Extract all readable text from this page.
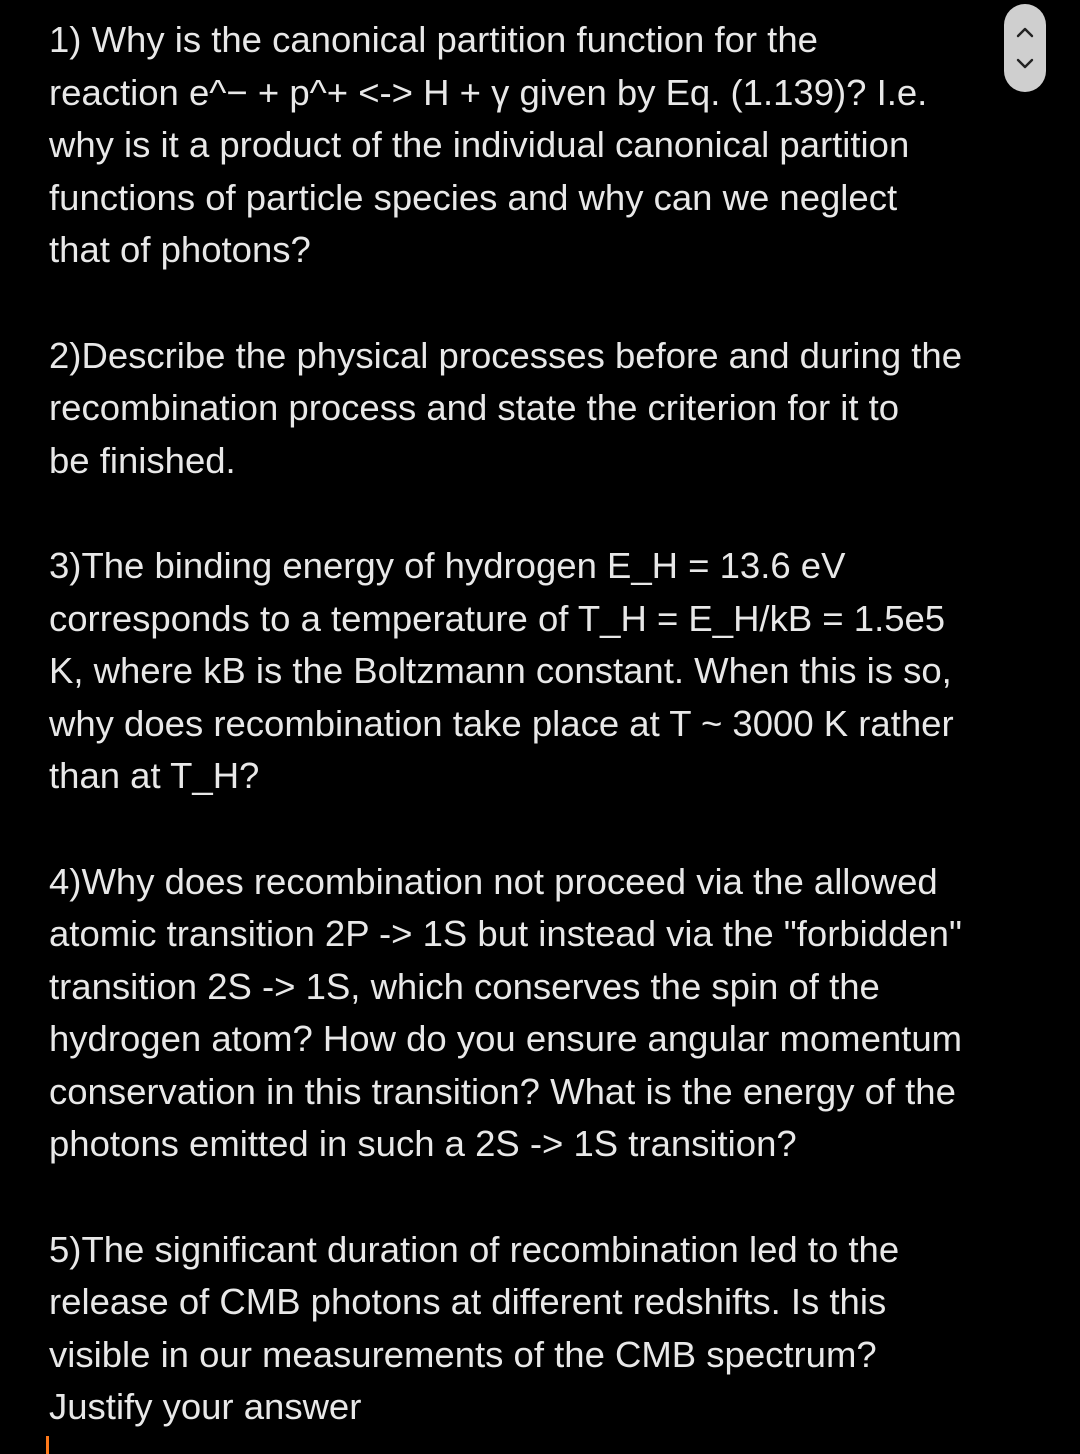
1) Why is the canonical partition function for the
reaction e^− + p^+ <-> H + γ given by Eq. (1.139)? I.e.
why is it a product of the individual canonical partition
functions of particle species and why can we neglect
that of photons?

2)Describe the physical processes before and during the
recombination process and state the criterion for it to
be finished.

3)The binding energy of hydrogen E_H = 13.6 eV
corresponds to a temperature of T_H = E_H/kB = 1.5e5
K, where kB is the Boltzmann constant. When this is so,
why does recombination take place at T ~ 3000 K rather
than at T_H?

4)Why does recombination not proceed via the allowed
atomic transition 2P -> 1S but instead via the "forbidden"
transition 2S -> 1S, which conserves the spin of the
hydrogen atom? How do you ensure angular momentum
conservation in this transition? What is the energy of the
photons emitted in such a 2S -> 1S transition?

5)The significant duration of recombination led to the
release of CMB photons at different redshifts. Is this
visible in our measurements of the CMB spectrum?
Justify your answer
